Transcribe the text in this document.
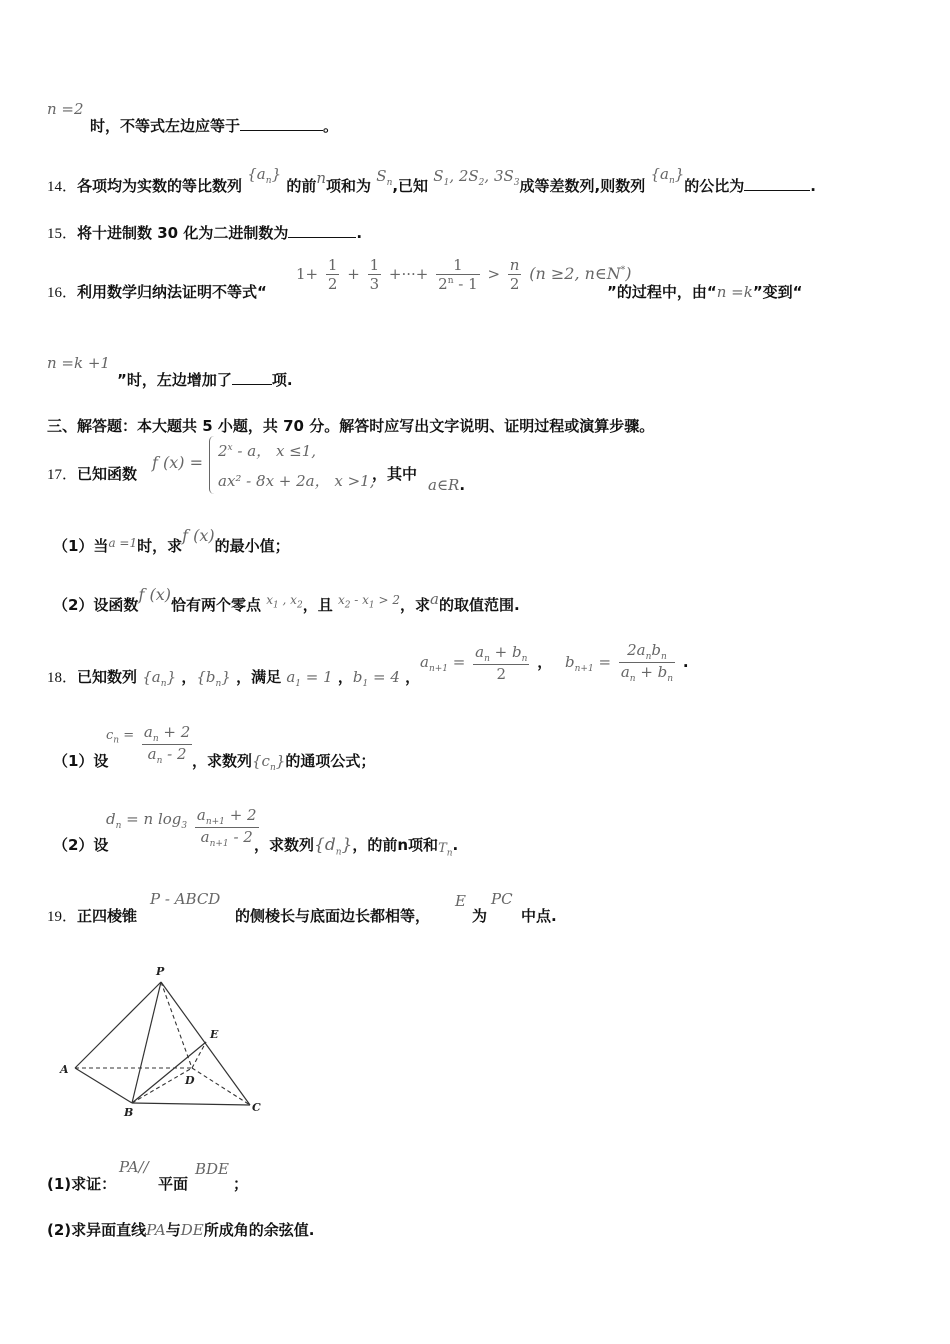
n =2
时，不等式左边应等于	。
14．各项均为实数的等比数列 $\{a_n\}$ 的前n项和为 $S_n$,已知 $S_1$, $2S_2$, $3S_3$成等差数列,则数列 $\{a_n\}$的公比为	.
15．将十进制数 30 化为二进制数为	.
16．利用数学归纳法证明不等式“
$1+ \frac{1}{2} + \frac{1}{3}$ +···+ $\frac{1}{2^n - 1} > \frac{n}{2} (n \ge 2$, n∈N*)
”的过程中，由“n =k”变到“
n =k +1
”时，左边增加了	项.
三、解答题：本大题共 5 小题，共 70 分。解答时应写出文字说明、证明过程或演算步骤。
17．已知函数
f (x) =
$2^x$ - a， x ≤1,
ax² - 8x + 2a， x >1,
，其中
a∈R.
（1）当$^{a =1}$时，求f (x)的最小值；
（2）设函数f (x)恰有两个零点 $^{x_1 , x_2}$，且 $^{x_2 - x_1 > 2}$，求a的取值范围.
18．已知数列 $\{a_n\}$ ，$\{b_n\}$ ，满足 $a_1 = 1$ ，$b_1 = 4$ ，
$a_{n+1} = \frac{a_n + b_n}{2}$ ， $b_{n+1} = \frac{2a_nb_n}{a_n + b_n}$ .
（1）设
$c_n = \frac{a_n + 2}{a_n - 2}$ ，求数列$\{c_n\}$的通项公式；
（2）设
$d_n = n$ $\log_3 \frac{a_{n+1} + 2}{a_{n+1} - 2}$
，求数列$\{d_n\}$，的前n项和$T_n$.
19．正四棱锥
P - ABCD
的侧棱长与底面边长都相等，
E
为
PC
中点.
P
A
B	C
D
E
(1)求证：
PA//
平面
BDE
；
(2)求异面直线PA与DE所成角的余弦值.
